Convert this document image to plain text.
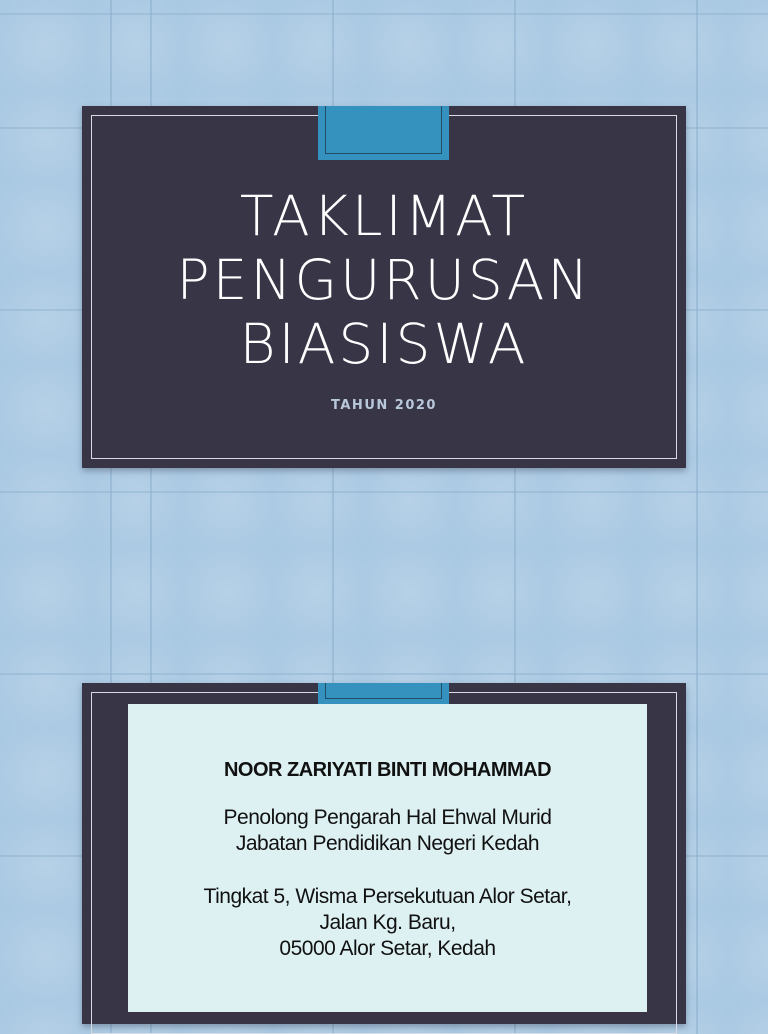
TAKLIMAT
PENGURUSAN
BIASISWA
TAHUN 2020
NOOR ZARIYATI BINTI MOHAMMAD
Penolong Pengarah Hal Ehwal Murid
Jabatan Pendidikan Negeri Kedah
Tingkat 5, Wisma Persekutuan Alor Setar,
Jalan Kg. Baru,
05000 Alor Setar, Kedah
